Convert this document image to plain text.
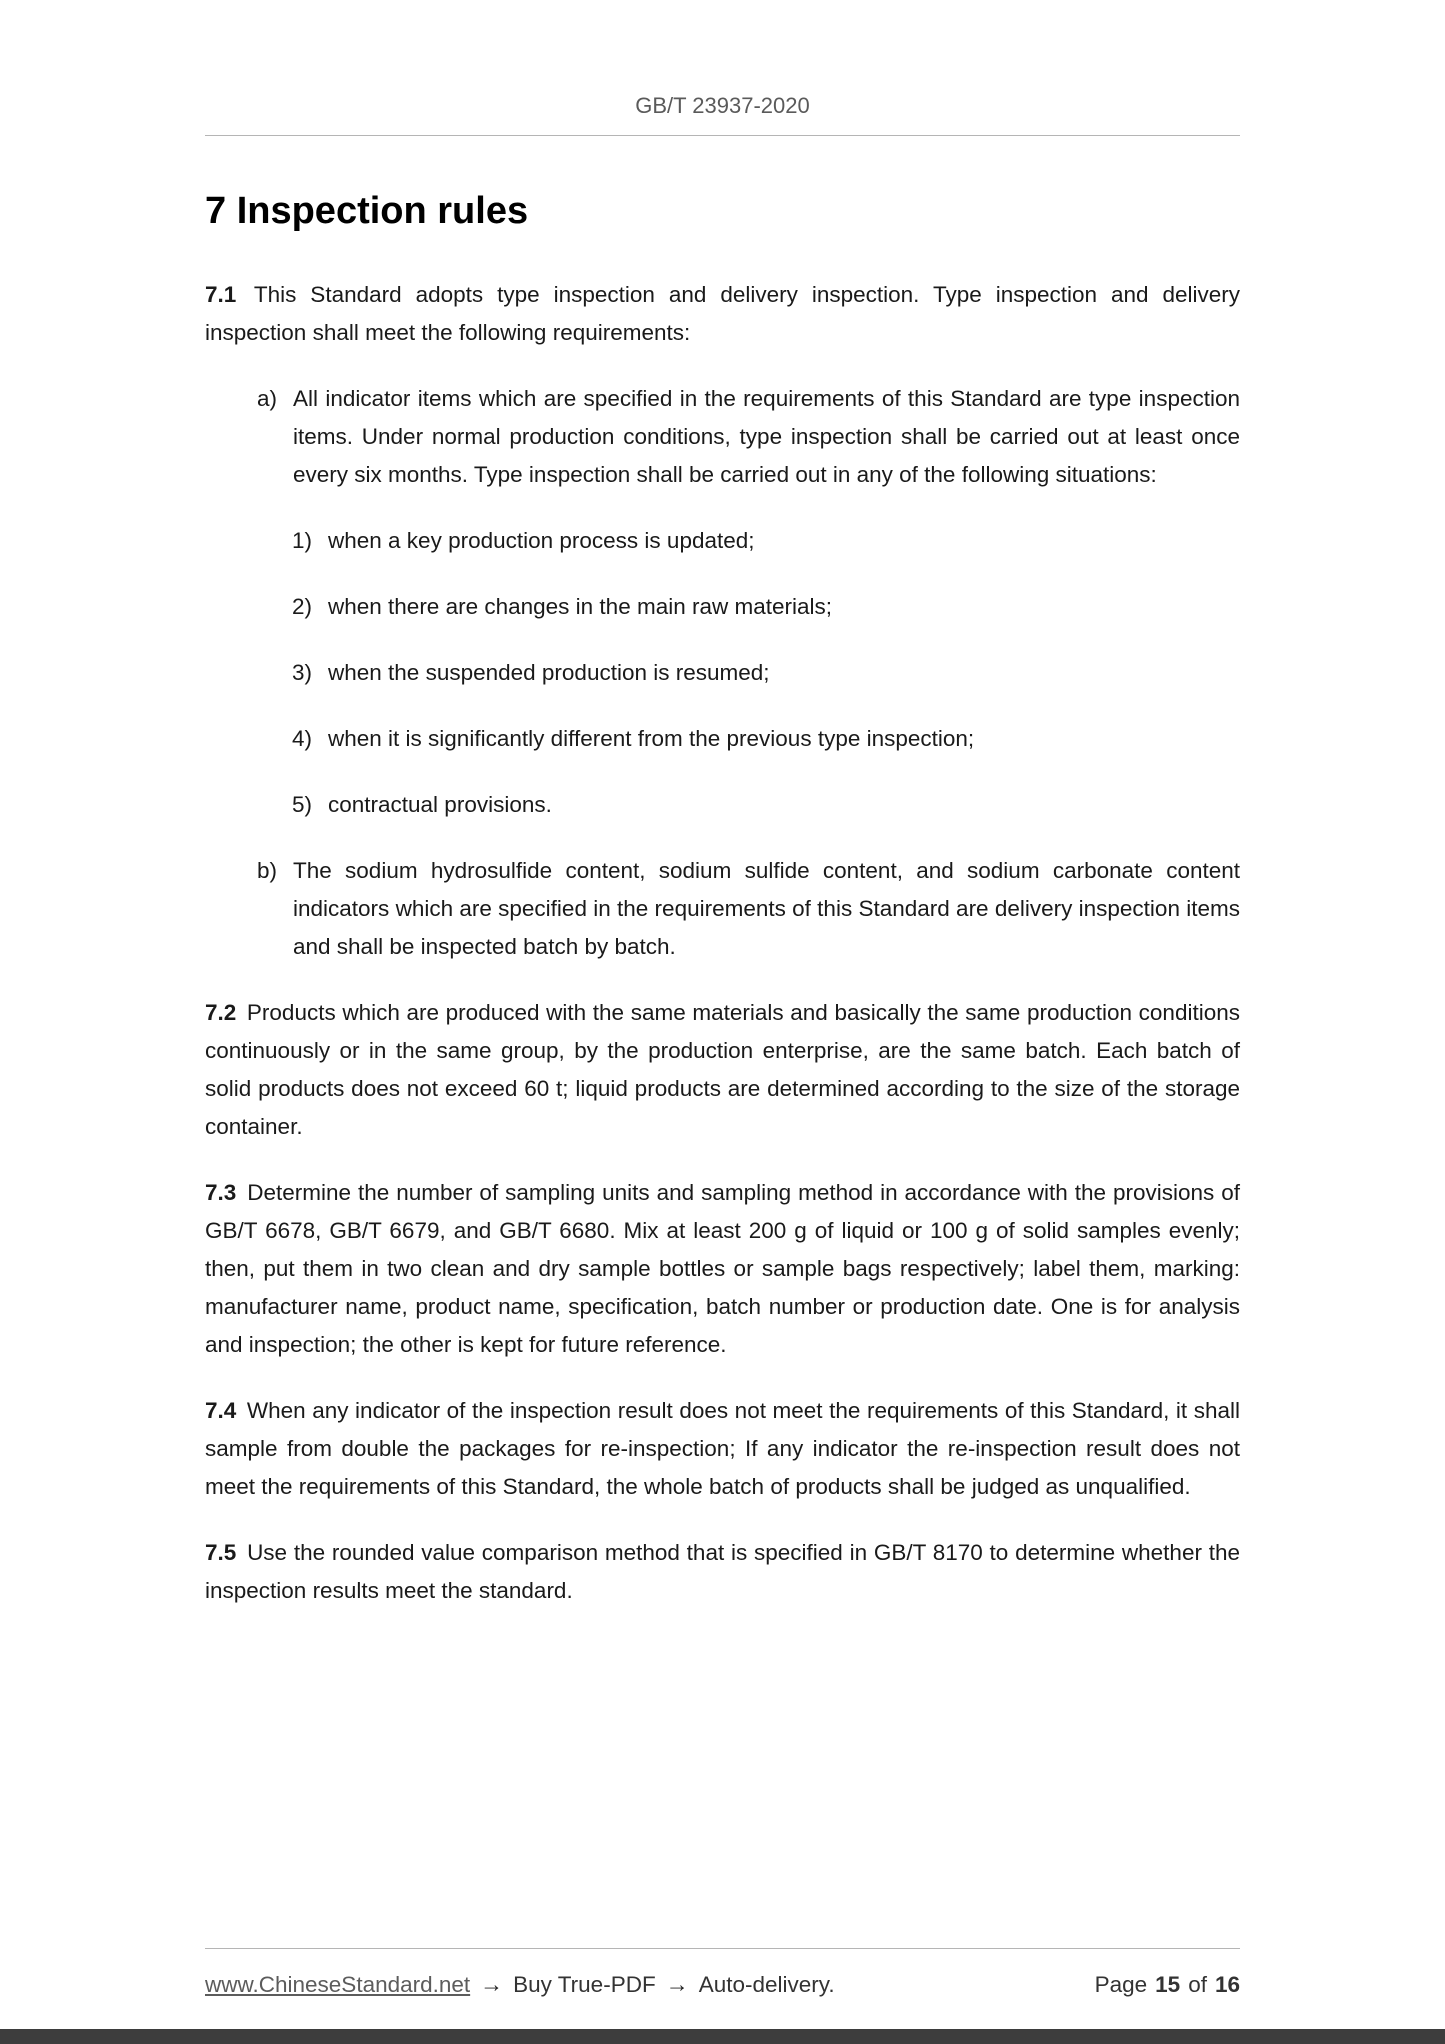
GB/T 23937-2020
7 Inspection rules

7.1 This Standard adopts type inspection and delivery inspection. Type inspection and delivery inspection shall meet the following requirements:

a) All indicator items which are specified in the requirements of this Standard are type inspection items. Under normal production conditions, type inspection shall be carried out at least once every six months. Type inspection shall be carried out in any of the following situations:
1) when a key production process is updated;
2) when there are changes in the main raw materials;
3) when the suspended production is resumed;
4) when it is significantly different from the previous type inspection;
5) contractual provisions.
b) The sodium hydrosulfide content, sodium sulfide content, and sodium carbonate content indicators which are specified in the requirements of this Standard are delivery inspection items and shall be inspected batch by batch.

7.2 Products which are produced with the same materials and basically the same production conditions continuously or in the same group, by the production enterprise, are the same batch. Each batch of solid products does not exceed 60 t; liquid products are determined according to the size of the storage container.

7.3 Determine the number of sampling units and sampling method in accordance with the provisions of GB/T 6678, GB/T 6679, and GB/T 6680. Mix at least 200 g of liquid or 100 g of solid samples evenly; then, put them in two clean and dry sample bottles or sample bags respectively; label them, marking: manufacturer name, product name, specification, batch number or production date. One is for analysis and inspection; the other is kept for future reference.

7.4 When any indicator of the inspection result does not meet the requirements of this Standard, it shall sample from double the packages for re-inspection; If any indicator the re-inspection result does not meet the requirements of this Standard, the whole batch of products shall be judged as unqualified.

7.5 Use the rounded value comparison method that is specified in GB/T 8170 to determine whether the inspection results meet the standard.

www.ChineseStandard.net → Buy True-PDF → Auto-delivery.	Page 15 of 16
